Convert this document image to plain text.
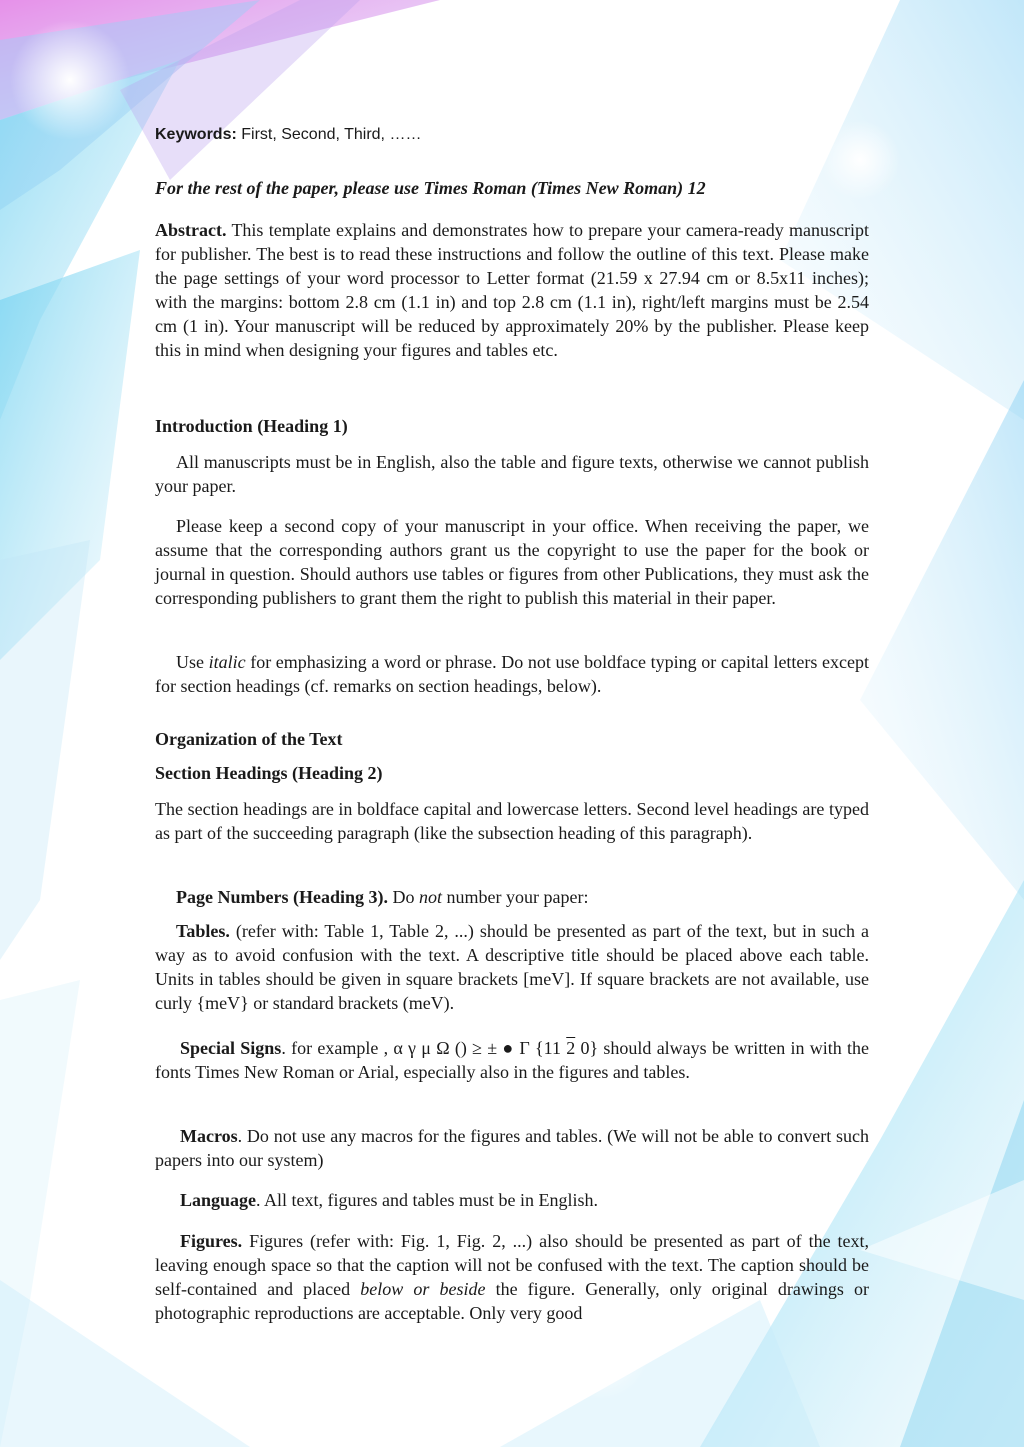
Keywords: First, Second, Third, ……
For the rest of the paper, please use Times Roman (Times New Roman) 12

Abstract. This template explains and demonstrates how to prepare your camera-ready manuscript for publisher. The best is to read these instructions and follow the outline of this text. Please make the page settings of your word processor to Letter format (21.59 x 27.94 cm or 8.5x11 inches); with the margins: bottom 2.8 cm (1.1 in) and top 2.8 cm (1.1 in), right/left margins must be 2.54 cm (1 in). Your manuscript will be reduced by approximately 20% by the publisher. Please keep this in mind when designing your figures and tables etc.

Introduction (Heading 1)

All manuscripts must be in English, also the table and figure texts, otherwise we cannot publish your paper.

Please keep a second copy of your manuscript in your office. When receiving the paper, we assume that the corresponding authors grant us the copyright to use the paper for the book or journal in question. Should authors use tables or figures from other Publications, they must ask the corresponding publishers to grant them the right to publish this material in their paper.

Use italic for emphasizing a word or phrase. Do not use boldface typing or capital letters except for section headings (cf. remarks on section headings, below).

Organization of the Text
Section Headings (Heading 2)

The section headings are in boldface capital and lowercase letters. Second level headings are typed as part of the succeeding paragraph (like the subsection heading of this paragraph).

Page Numbers (Heading 3). Do not number your paper:

Tables. (refer with: Table 1, Table 2, ...) should be presented as part of the text, but in such a way as to avoid confusion with the text. A descriptive title should be placed above each table. Units in tables should be given in square brackets [meV]. If square brackets are not available, use curly {meV} or standard brackets (meV).

Special Signs. for example , α γ μ Ω () ≥ ± ● Γ {11 2 0} should always be written in with the fonts Times New Roman or Arial, especially also in the figures and tables.

Macros. Do not use any macros for the figures and tables. (We will not be able to convert such papers into our system)

Language. All text, figures and tables must be in English.

Figures. Figures (refer with: Fig. 1, Fig. 2, ...) also should be presented as part of the text, leaving enough space so that the caption will not be confused with the text. The caption should be self-contained and placed below or beside the figure. Generally, only original drawings or photographic reproductions are acceptable. Only very good
